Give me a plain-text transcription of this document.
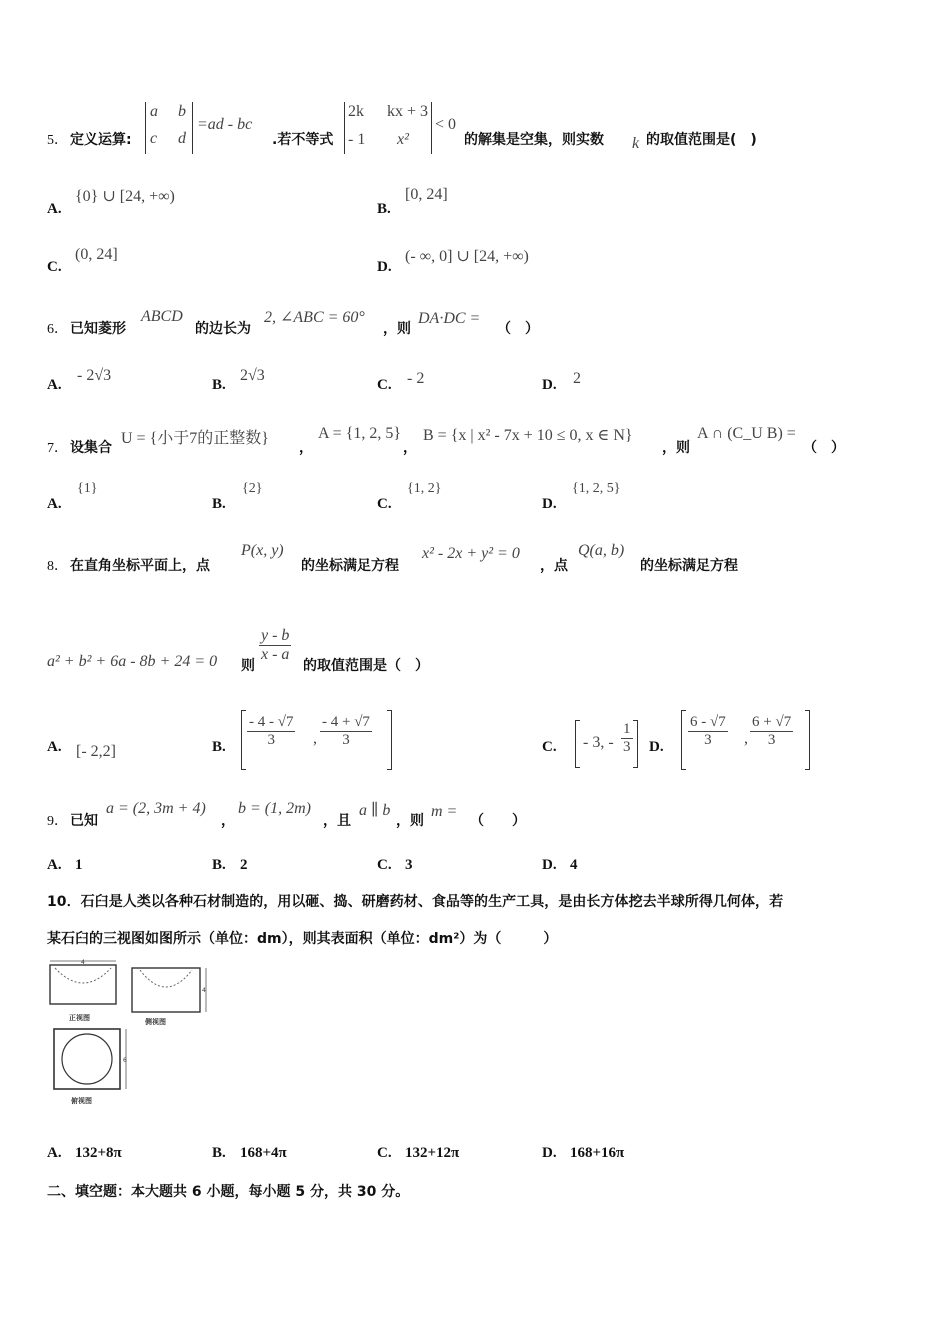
5． 定义运算:
a b
c d
=ad - bc
.若不等式
2k kx + 3
- 1 x²
< 0
的解集是空集，则实数 k 的取值范围是(　)
A.
{0} ∪ [24, +∞)
B.
[0, 24]
C.
(0, 24]
D.
(- ∞, 0] ∪ [24, +∞)
6． 已知菱形
ABCD
的边长为
2, ∠ABC = 60°
，则
DA·DC =
（　）
A.
- 2√3
B.
2√3
C. - 2	D. 2
7． 设集合
U = {小于7的正整数}
，
A = {1, 2, 5}
，
B = {x | x² - 7x + 10 ≤ 0, x ∈ N}
，则
A ∩ (C_U B) =
（　）
A.
{1}
B.
{2}
C.
{1, 2}
D.
{1, 2, 5}
8． 在直角坐标平面上，点
P(x, y)
的坐标满足方程
x² - 2x + y² = 0
，点
Q(a, b)
的坐标满足方程
a² + b² + 6a - 8b + 24 = 0 则
$\frac{y - b}{x - a}$
的取值范围是（　）
A. [- 2,2]	B. $\frac{- 4 - √7}{3}$ , $\frac{- 4 + √7}{3}$	C. - 3, - $\frac{1}{3} D$. $\frac{6 - √7}{3}$ , $\frac{6 + √7}{3}$
9． 已知
a = (2, 3m + 4)
，
b = (1, 2m)
，且
a ∥ b
，则
m =
（　　）
A. 1	B. 2	C. 3	D. 4
10．石臼是人类以各种石材制造的，用以砸、捣、研磨药材、食品等的生产工具，是由长方体挖去半球所得几何体，若
某石臼的三视图如图所示（单位：dm），则其表面积（单位：dm²）为（　　　）
4
4
6
正视图	侧视图
俯视图
A. 132+8π	B. 168+4π	C. 132+12π	D. 168+16π
二、填空题：本大题共 6 小题，每小题 5 分，共 30 分。
